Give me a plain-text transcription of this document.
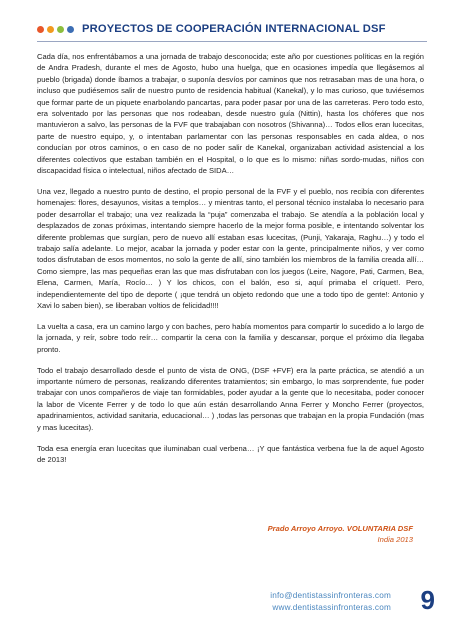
PROYECTOS DE COOPERACIÓN INTERNACIONAL DSF

Cada día, nos enfrentábamos a una jornada de trabajo desconocida; este año por cuestiones políticas en la región de Andra Pradesh, durante el mes de Agosto, hubo una huelga, que en ocasiones impedía que llegásemos al pueblo (brigada) donde íbamos a trabajar, o suponía desvíos por caminos que nos retrasaban mas de una hora, o incluso que pudiésemos salir de nuestro punto de residencia habitual (Kanekal), y lo mas curioso, que tuviésemos que formar parte de un piquete enarbolando pancartas, para poder pasar por una de las carreteras. Pero todo esto, era solventado por las personas que nos rodeaban, desde nuestro guía (Nittin), hasta los chóferes que nos mantuvieron a salvo, las personas de la FVF que trabajaban con nosotros (Shivanna)… Todos ellos eran lucecitas, parte de nuestro equipo, y, o intentaban parlamentar con las personas responsables en cada aldea, o nos conducían por otros caminos, o en caso de no poder salir de Kanekal, organizaban actividad asistencial a los diferentes colectivos que estaban también en el Hospital, o lo que es lo mismo: niñas sordo-mudas, niños con discapacidad física o intelectual, niños afectado de SIDA…

Una vez, llegado a nuestro punto de destino, el propio personal de la FVF y el pueblo, nos recibía con diferentes homenajes: flores, desayunos, visitas a templos… y mientras tanto, el personal técnico instalaba lo necesario para poder desarrollar el trabajo; una vez realizada la “puja” comenzaba el trabajo. Se atendía a la población local y desplazados de zonas próximas, intentando siempre hacerlo de la mejor forma posible, e intentando solventar los diferente problemas que surgían, pero de nuevo allí estaban esas lucecitas, (Punji, Yakaraja, Raghu…) y todo el trabajo salía adelante. Lo mejor, acabar la jornada y poder estar con la gente, principalmente niños, y ver como todos disfrutaban de esos momentos, no solo la gente de allí, sino también los miembros de la familia creada allí… Como siempre, las mas pequeñas eran las que mas disfrutaban con los juegos (Leire, Nagore, Pati, Carmen, Bea, Elena, Carmen, María, Rocío… ) Y los chicos, con el balón, eso si, aquí primaba el críquet!. Pero, independientemente del tipo de deporte ( ¡que tendrá un objeto redondo que une a todo tipo de gente!: Antonio y Xavi lo saben bien), se liberaban voltios de felicidad!!!!

La vuelta a casa, era un camino largo y con baches, pero había momentos para compartir lo sucedido a lo largo de la jornada, y reír, sobre todo reír… compartir la cena con la familia y descansar, porque el próximo día llegaba pronto.

Todo el trabajo desarrollado desde el punto de vista de ONG, (DSF +FVF) era la parte práctica, se atendió a un importante número de personas, realizando diferentes tratamientos; sin embargo, lo mas sorprendente, fue poder trabajar con unos compañeros de viaje tan formidables, poder ayudar a la gente que lo necesitaba, poder conocer la labor de Vicente Ferrer y de todo lo que aún están desarrollando Anna Ferrer y Moncho Ferrer (proyectos, apadrinamientos, actividad sanitaria, educacional… ) ,todas las personas que trabajan en la propia Fundación (mas y mas lucecitas).

Toda esa energía eran lucecitas que iluminaban cual verbena… ¡Y que fantástica verbena fue la de aquel Agosto de 2013!

Prado Arroyo Arroyo. VOLUNTARIA DSF
India 2013
info@dentistassinfronteras.com
www.dentistassinfronteras.com 9
